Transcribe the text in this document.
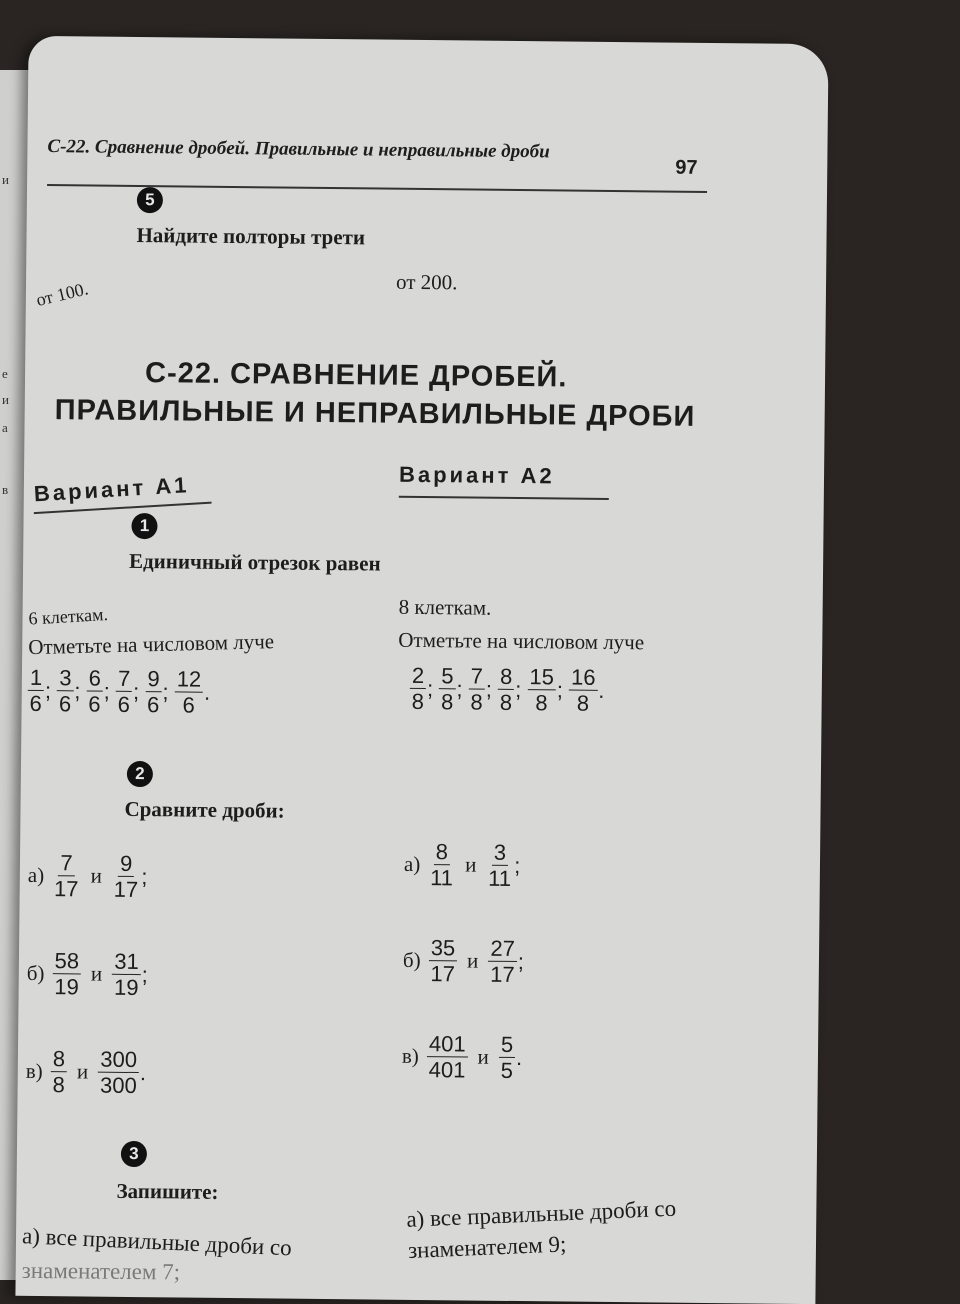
и
е
и
а
в
С-22. Сравнение дробей. Правильные и неправильные дроби
97
5
Найдите полторы трети
от 100.	от 200.
С-22. СРАВНЕНИЕ ДРОБЕЙ.
ПРАВИЛЬНЫЕ И НЕПРАВИЛЬНЫЕ ДРОБИ
Вариант А1	Вариант А2
1
Единичный отрезок равен
6 клеткам.	8 клеткам.
Отметьте на числовом луче	Отметьте на числовом луче
$\frac{1}{6}$ ; $\frac{3}{6}$ ; $\frac{6}{6}$ ; $\frac{7}{6}$ ; $\frac{9}{6}$ ; $\frac{12}{6}$ .	$\frac{2}{8}$ ; $\frac{5}{8}$ ; $\frac{7}{8}$ ; $\frac{8}{8}$ ; $\frac{15}{8}$ ; $\frac{16}{8}$ .
2
Сравните дроби:
$а) \frac{7}{17}$ и $\frac{9}{17}$ ;
$б) \frac{58}{19}$ и $\frac{31}{19}$ ;
$в) \frac{8}{8}$ и $\frac{300}{300}$ .
$а) \frac{8}{11}$ и $\frac{3}{11}$ ;
$б) \frac{35}{17}$ и $\frac{27}{17}$ ;
$в) \frac{401}{401}$ и $\frac{5}{5}$ .
3
Запишите:
а) все правильные дроби со
знаменателем 7;
а) все правильные дроби со
знаменателем 9;
